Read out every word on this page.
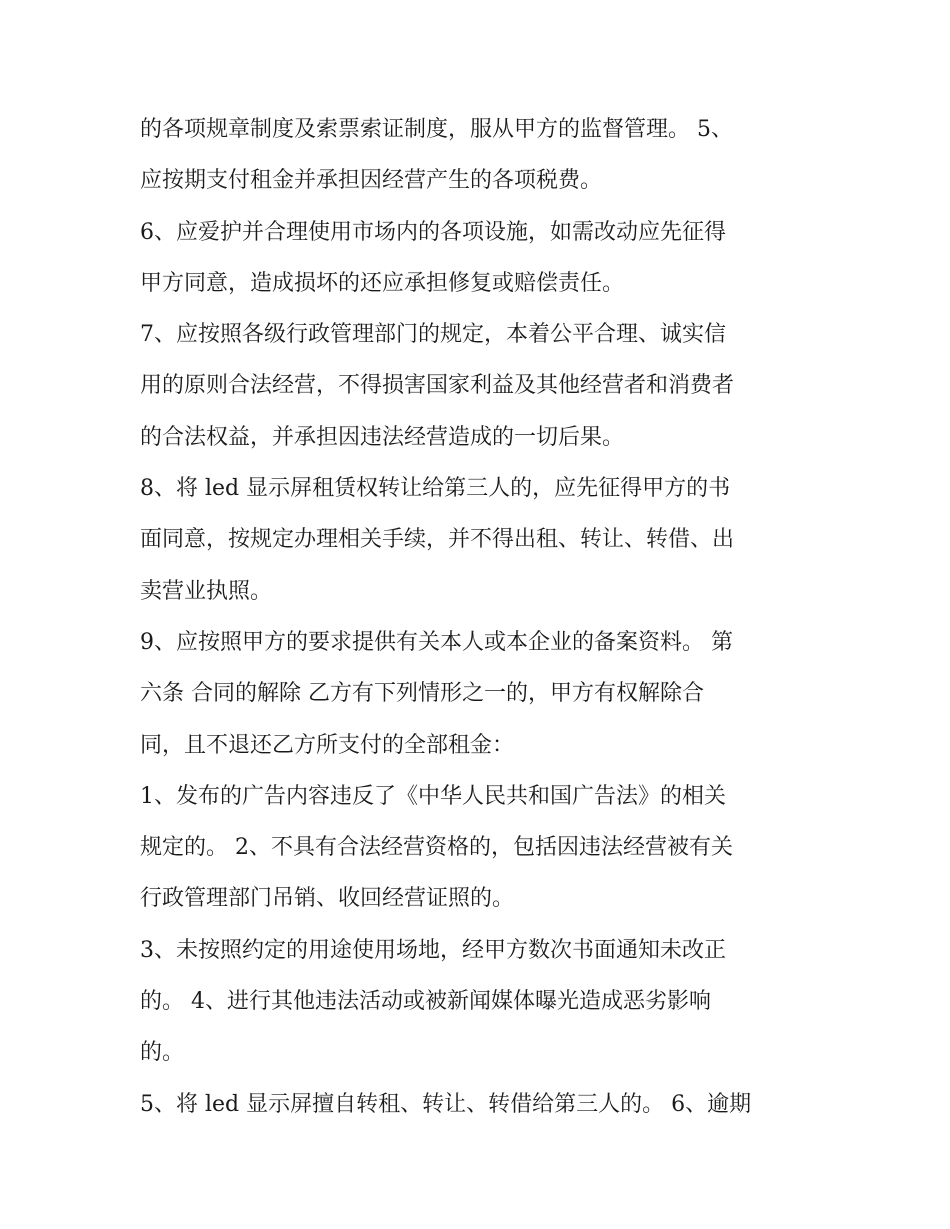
的各项规章制度及索票索证制度，服从甲方的监督管理。 5、
应按期支付租金并承担因经营产生的各项税费。
6、应爱护并合理使用市场内的各项设施，如需改动应先征得
甲方同意，造成损坏的还应承担修复或赔偿责任。
7、应按照各级行政管理部门的规定，本着公平合理、诚实信
用的原则合法经营，不得损害国家利益及其他经营者和消费者
的合法权益，并承担因违法经营造成的一切后果。
8、将 led 显示屏租赁权转让给第三人的，应先征得甲方的书
面同意，按规定办理相关手续，并不得出租、转让、转借、出
卖营业执照。
9、应按照甲方的要求提供有关本人或本企业的备案资料。 第
六条 合同的解除 乙方有下列情形之一的，甲方有权解除合
同，且不退还乙方所支付的全部租金：
1、发布的广告内容违反了《中华人民共和国广告法》的相关
规定的。 2、不具有合法经营资格的，包括因违法经营被有关
行政管理部门吊销、收回经营证照的。
3、未按照约定的用途使用场地，经甲方数次书面通知未改正
的。 4、进行其他违法活动或被新闻媒体曝光造成恶劣影响
的。
5、将 led 显示屏擅自转租、转让、转借给第三人的。 6、逾期
